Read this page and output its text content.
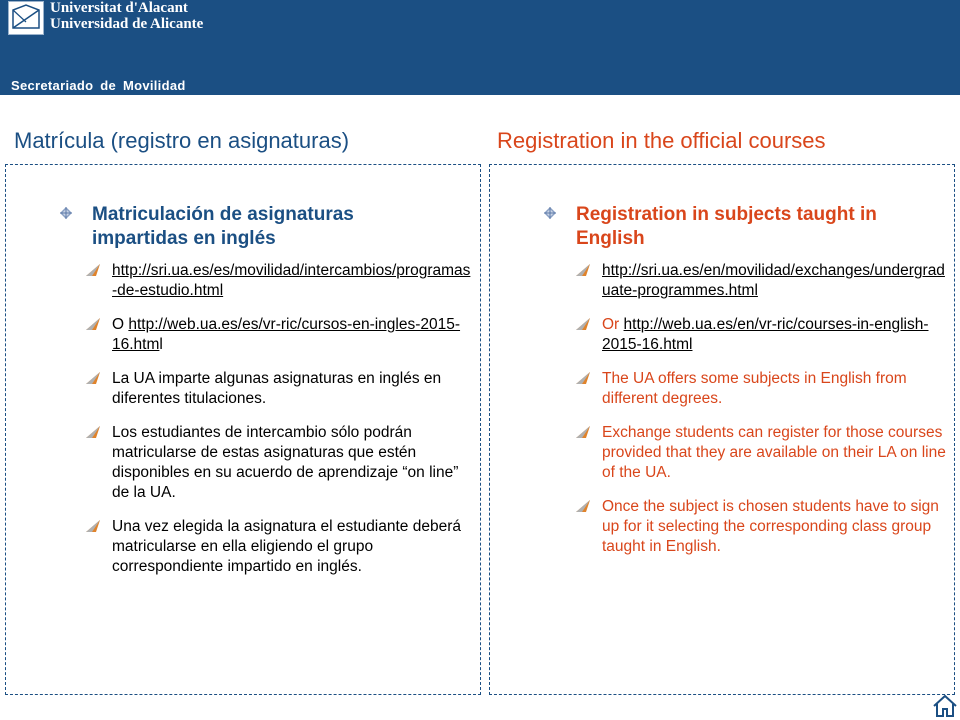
Universitat d'Alacant
Universidad de Alicante
Secretariado de Movilidad
Matrícula (registro en asignaturas)	Registration in the official courses
Matriculación de asignaturas impartidas en inglés
http://sri.ua.es/es/movilidad/intercambios/programas-de-estudio.html
O http://web.ua.es/es/vr-ric/cursos-en-ingles-2015-16.html
La UA imparte algunas asignaturas en inglés en diferentes titulaciones.
Los estudiantes de intercambio sólo podrán matricularse de estas asignaturas que estén disponibles en su acuerdo de aprendizaje “on line” de la UA.
Una vez elegida la asignatura el estudiante deberá matricularse en ella eligiendo el grupo correspondiente impartido en inglés.
Registration in subjects taught in English
http://sri.ua.es/en/movilidad/exchanges/undergraduate-programmes.html
Or http://web.ua.es/en/vr-ric/courses-in-english-2015-16.html
The UA offers some subjects in English from different degrees.
Exchange students can register for those courses provided that they are available on their LA on line of the UA.
Once the subject is chosen students have to sign up for it selecting the corresponding class group taught in English.
